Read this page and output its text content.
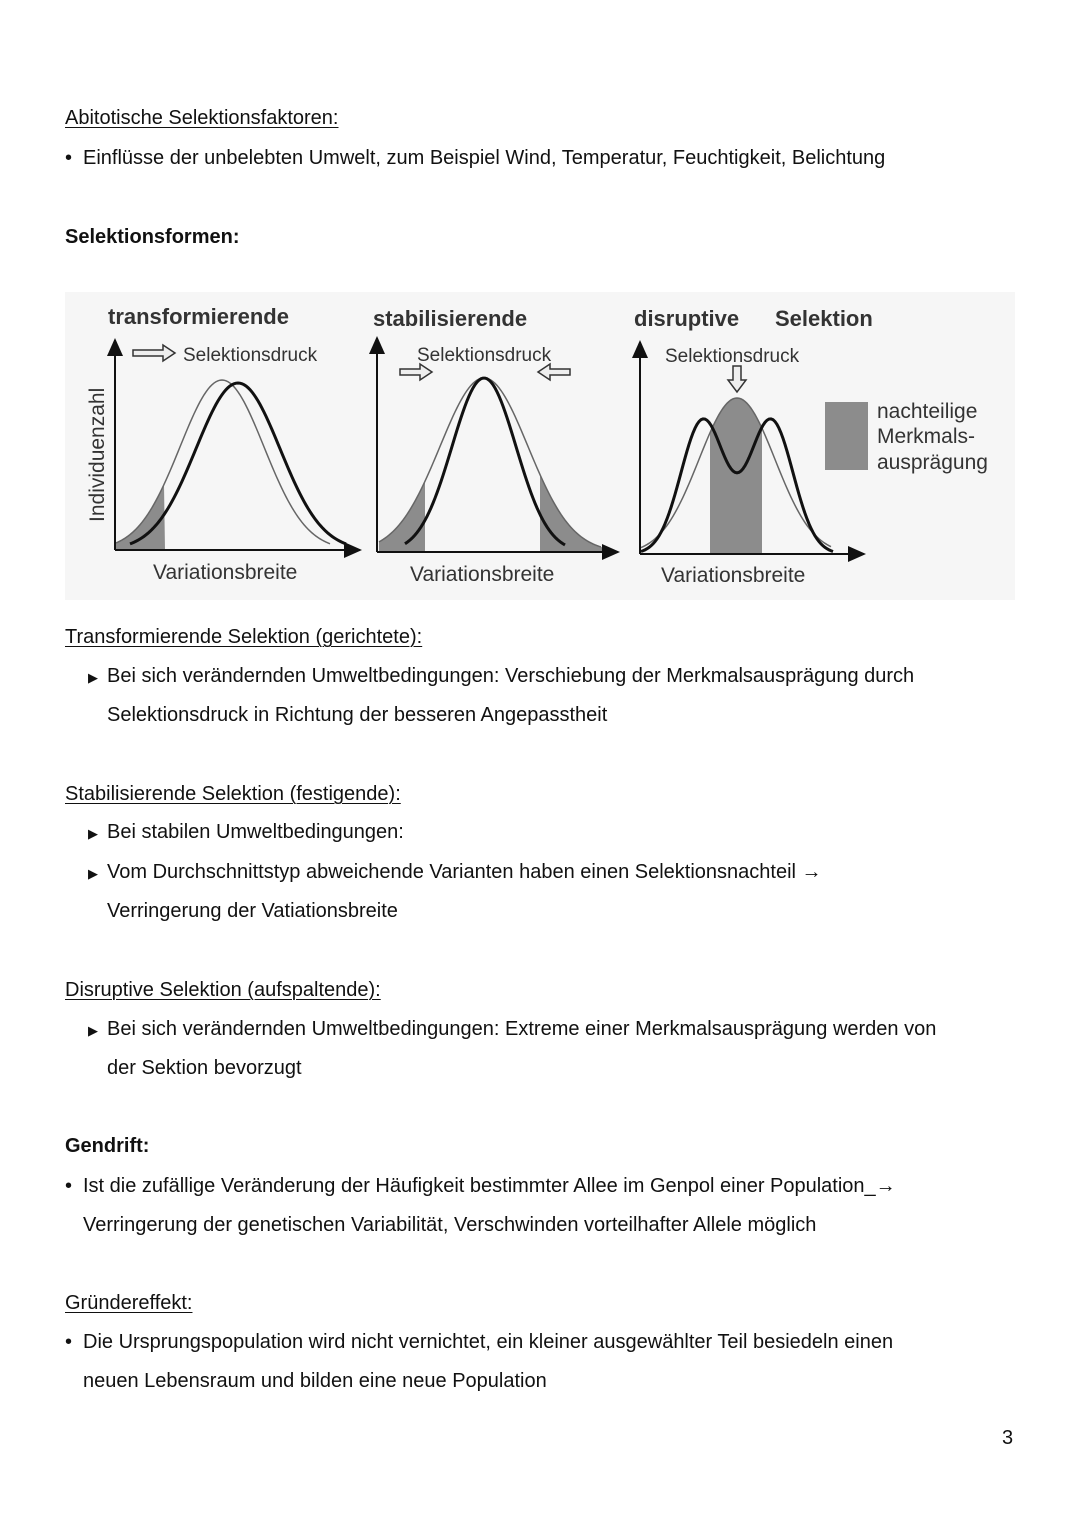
Abitotische Selektionsfaktoren:
• Einflüsse der unbelebten Umwelt, zum Beispiel Wind, Temperatur, Feuchtigkeit, Belichtung
Selektionsformen:
transformierende	stabilisierende	disruptive Selektion
Selektionsdruck	Selektionsdruck	Selektionsdruck
Individuenzahl
Variationsbreite	Variationsbreite	Variationsbreite
nachteilige
Merkmals-
ausprägung
Transformierende Selektion (gerichtete):
▶ Bei sich verändernden Umweltbedingungen: Verschiebung der Merkmalsausprägung durch
Selektionsdruck in Richtung der besseren Angepasstheit
Stabilisierende Selektion (festigende):
▶ Bei stabilen Umweltbedingungen:
▶ Vom Durchschnittstyp abweichende Varianten haben einen Selektionsnachteil →
Verringerung der Vatiationsbreite
Disruptive Selektion (aufspaltende):
▶ Bei sich verändernden Umweltbedingungen: Extreme einer Merkmalsausprägung werden von
der Sektion bevorzugt
Gendrift:
• Ist die zufällige Veränderung der Häufigkeit bestimmter Allee im Genpol einer Population_→
Verringerung der genetischen Variabilität, Verschwinden vorteilhafter Allele möglich
Gründereffekt:
• Die Ursprungspopulation wird nicht vernichtet, ein kleiner ausgewählter Teil besiedeln einen
neuen Lebensraum und bilden eine neue Population
3
